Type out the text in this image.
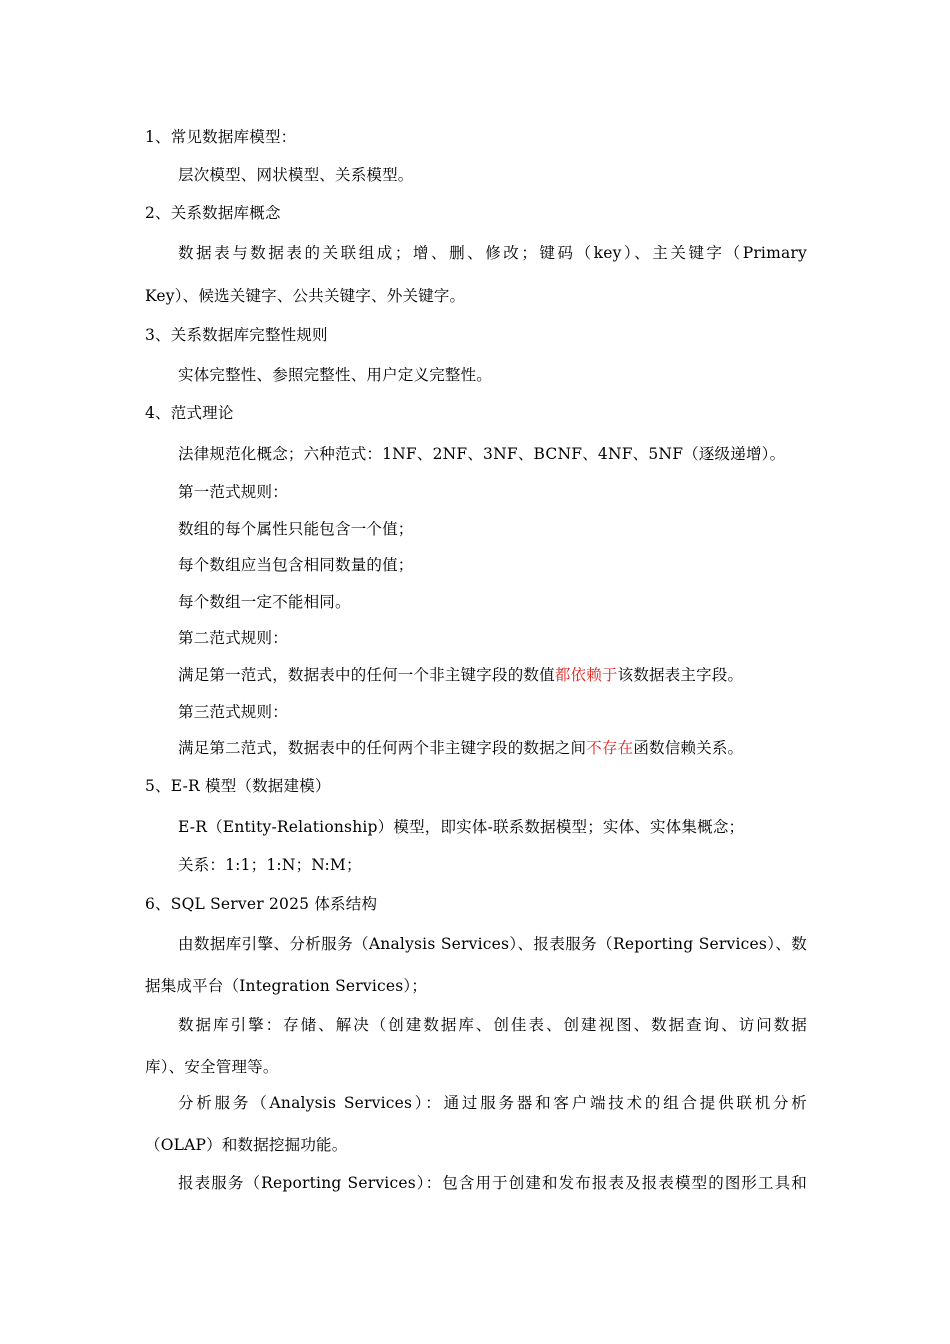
1、常见数据库模型：
层次模型、网状模型、关系模型。
2、关系数据库概念
数据表与数据表的关联组成；增、删、修改；键码（key）、主关键字（Primary
Key）、候选关键字、公共关键字、外关键字。
3、关系数据库完整性规则
实体完整性、参照完整性、用户定义完整性。
4、范式理论
法律规范化概念；六种范式：1NF、2NF、3NF、BCNF、4NF、5NF（逐级递增）。
第一范式规则：
数组的每个属性只能包含一个值；
每个数组应当包含相同数量的值；
每个数组一定不能相同。
第二范式规则：
满足第一范式，数据表中的任何一个非主键字段的数值都依赖于该数据表主字段。
第三范式规则：
满足第二范式，数据表中的任何两个非主键字段的数据之间不存在函数信赖关系。
5、E-R 模型（数据建模）
E-R（Entity-Relationship）模型，即实体-联系数据模型；实体、实体集概念；
关系：1:1；1:N；N:M；
6、SQL Server 2025 体系结构
由数据库引擎、分析服务（Analysis Services）、报表服务（Reporting Services）、数
据集成平台（Integration Services）；
数据库引擎：存储、解决（创建数据库、创佳表、创建视图、数据查询、访问数据
库）、安全管理等。
分析服务（Analysis Services）：通过服务器和客户端技术的组合提供联机分析
（OLAP）和数据挖掘功能。
报表服务（Reporting Services）：包含用于创建和发布报表及报表模型的图形工具和
